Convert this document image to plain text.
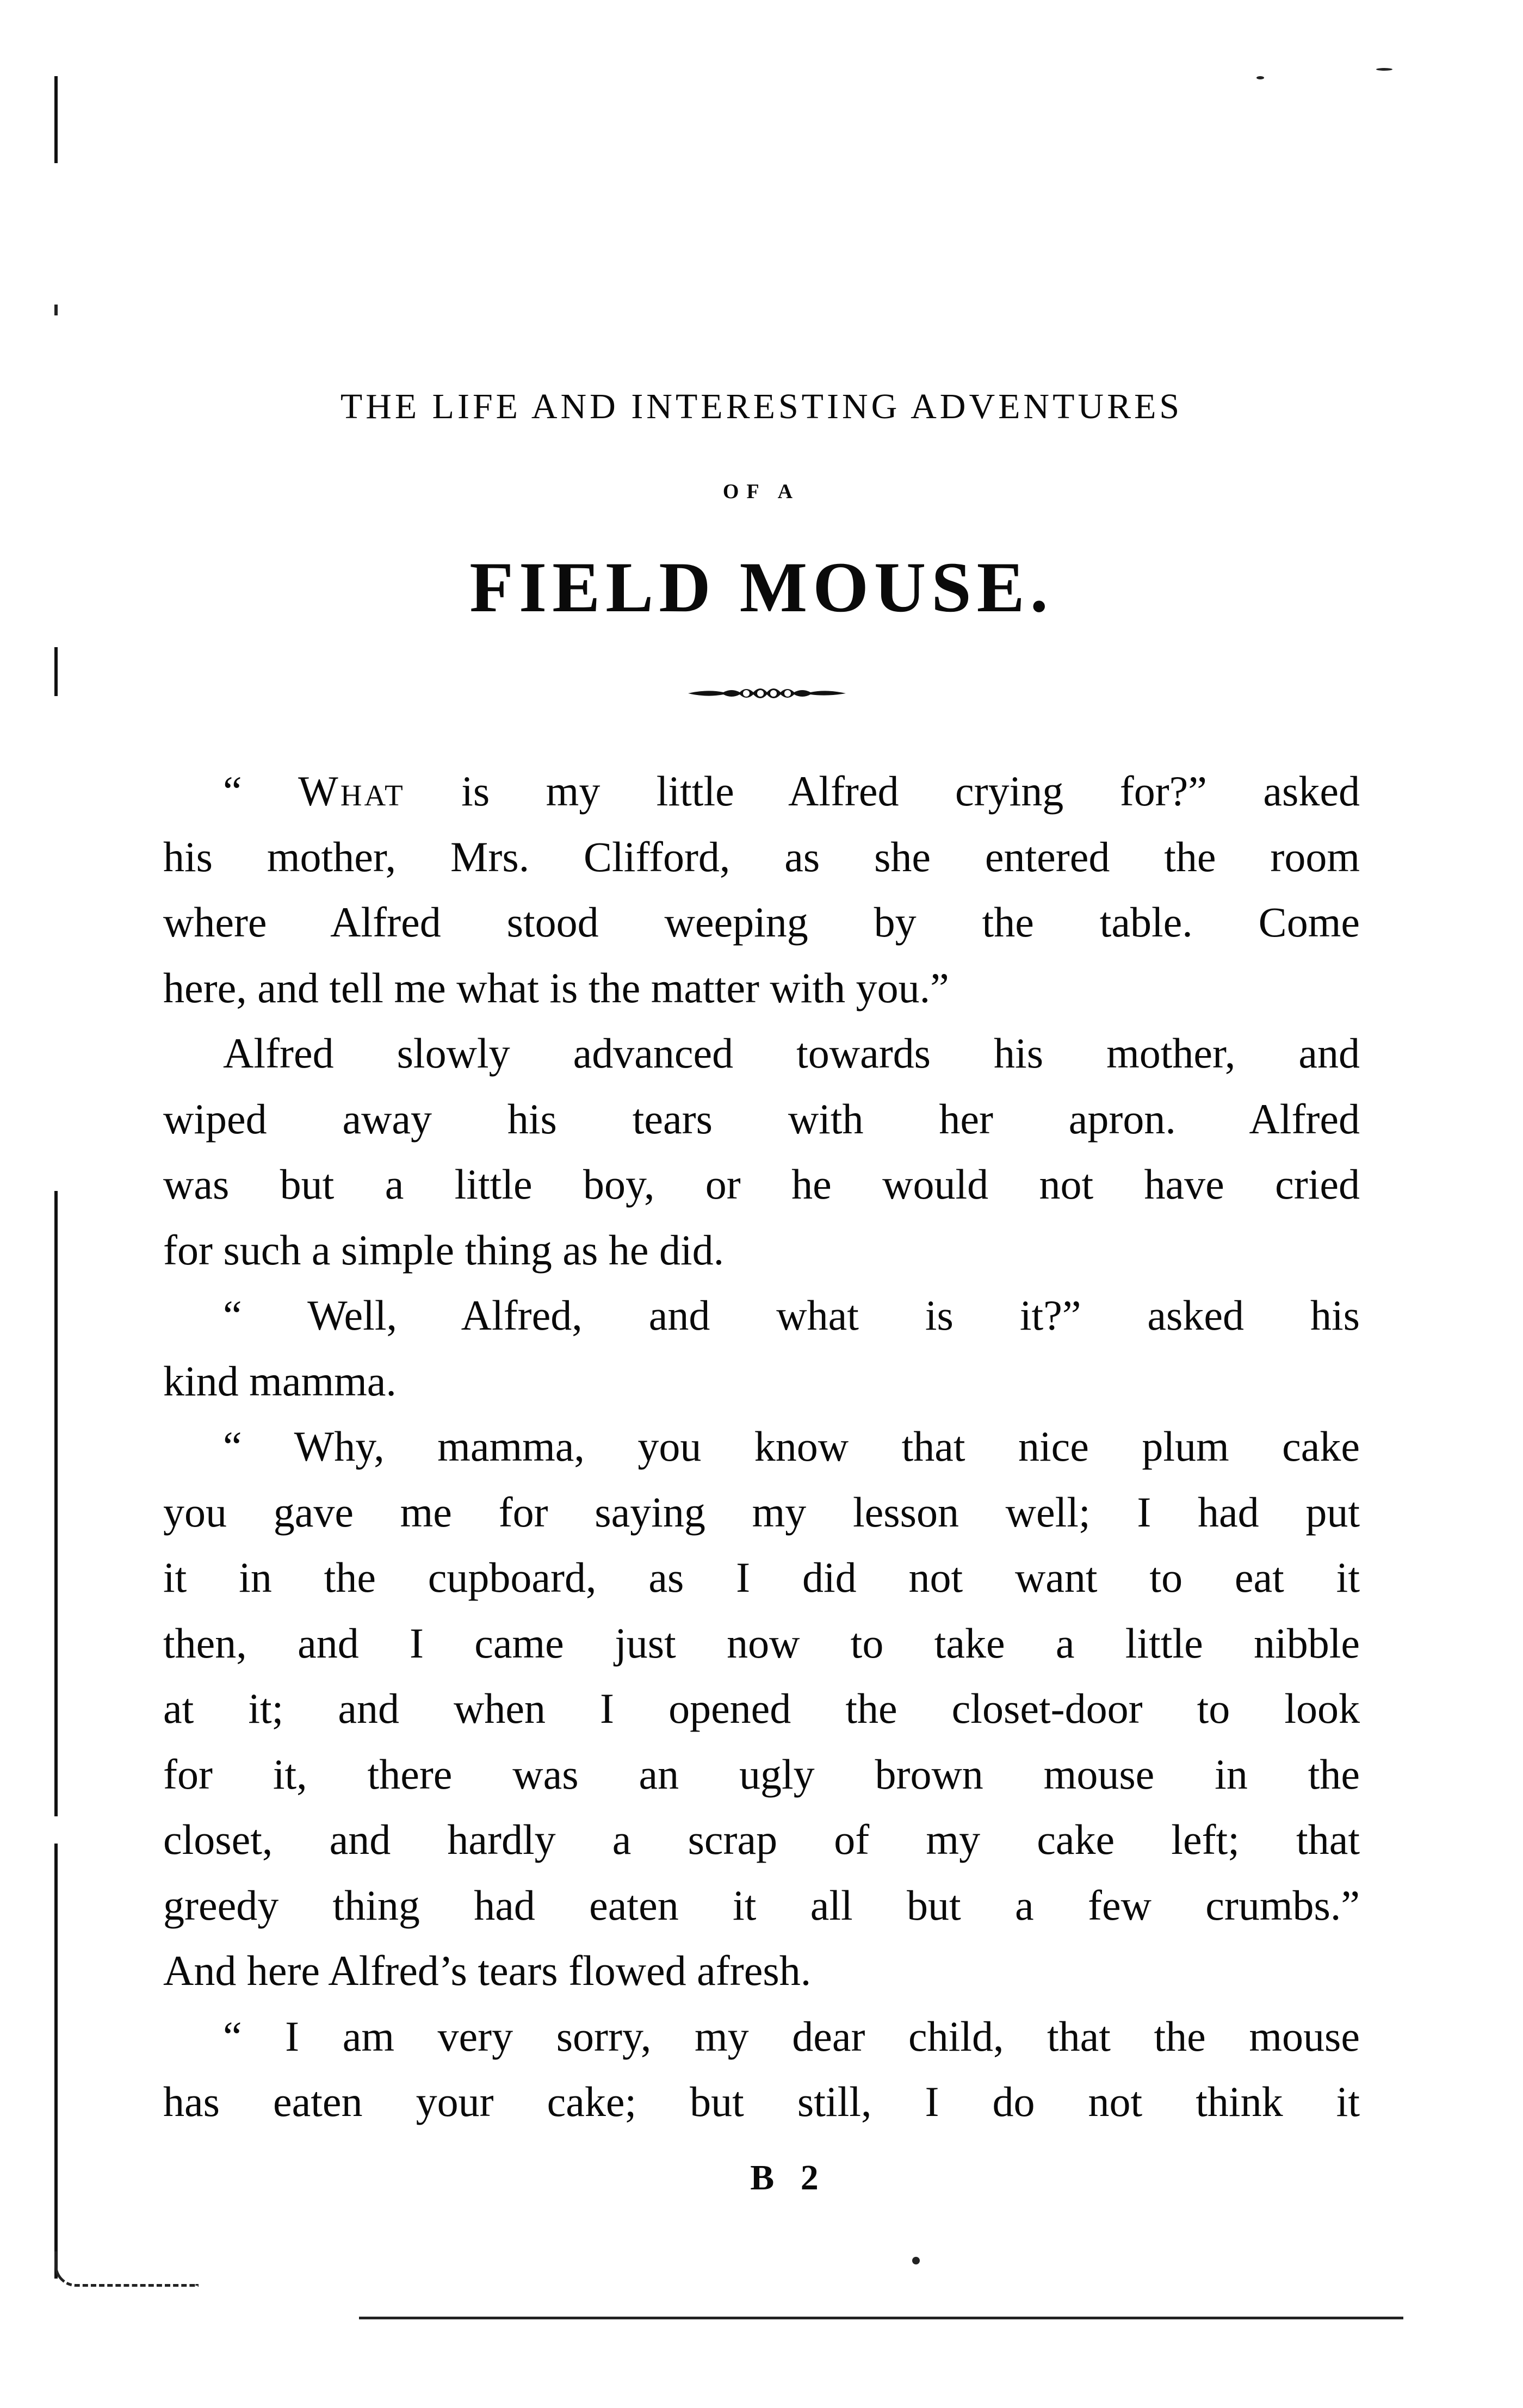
THE LIFE AND INTERESTING ADVENTURES
OF A
FIELD MOUSE.

“ What is my little Alfred crying for?” asked
his mother, Mrs. Clifford, as she entered the room
where Alfred stood weeping by the table. Come
here, and tell me what is the matter with you.”

Alfred slowly advanced towards his mother, and
wiped away his tears with her apron. Alfred
was but a little boy, or he would not have cried
for such a simple thing as he did.

“ Well, Alfred, and what is it?” asked his
kind mamma.

“ Why, mamma, you know that nice plum cake
you gave me for saying my lesson well; I had put
it in the cupboard, as I did not want to eat it
then, and I came just now to take a little nibble
at it; and when I opened the closet-door to look
for it, there was an ugly brown mouse in the
closet, and hardly a scrap of my cake left; that
greedy thing had eaten it all but a few crumbs.”
And here Alfred’s tears flowed afresh.

“ I am very sorry, my dear child, that the mouse
has eaten your cake; but still, I do not think it

B 2
